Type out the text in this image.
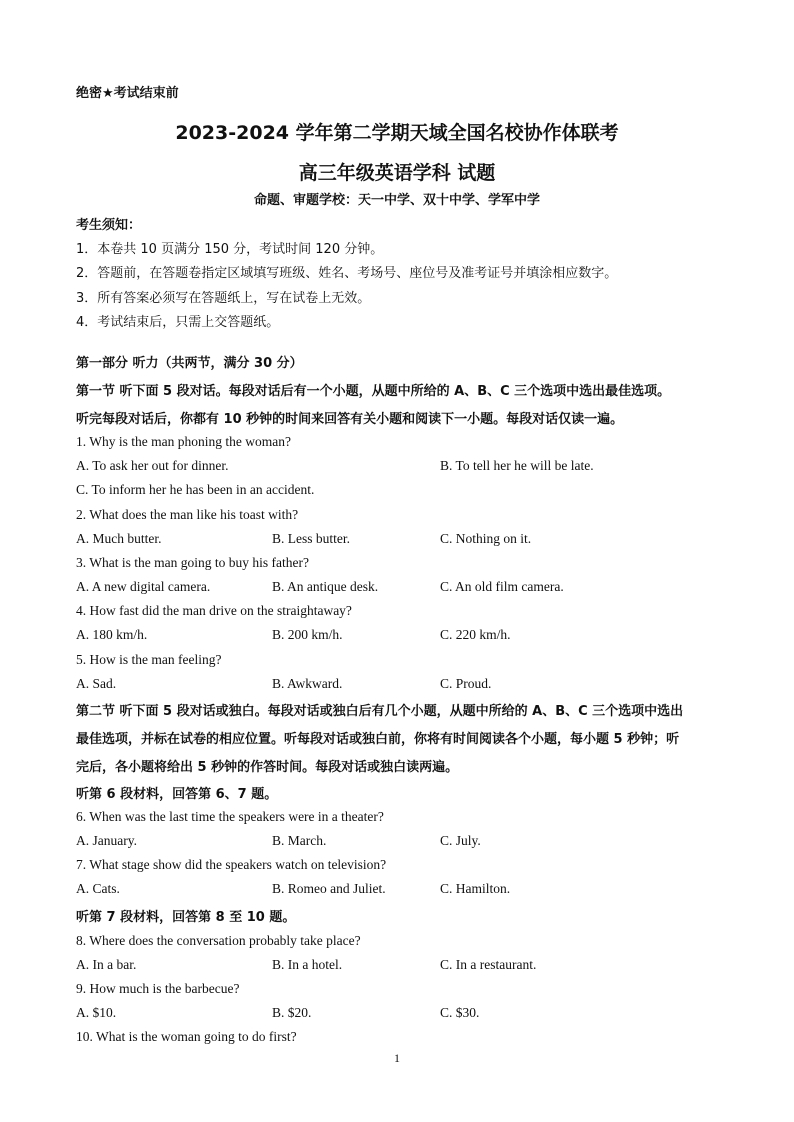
绝密★考试结束前
2023-2024 学年第二学期天域全国名校协作体联考
高三年级英语学科 试题
命题、审题学校：天一中学、双十中学、学军中学
考生须知：
1．本卷共 10 页满分 150 分，考试时间 120 分钟。
2．答题前，在答题卷指定区域填写班级、姓名、考场号、座位号及准考证号并填涂相应数字。
3．所有答案必须写在答题纸上，写在试卷上无效。
4．考试结束后，只需上交答题纸。
第一部分 听力（共两节，满分 30 分）
第一节 听下面 5 段对话。每段对话后有一个小题，从题中所给的 A、B、C 三个选项中选出最佳选项。
听完每段对话后，你都有 10 秒钟的时间来回答有关小题和阅读下一小题。每段对话仅读一遍。
1. Why is the man phoning the woman?
A. To ask her out for dinner.	B. To tell her he will be late.
C. To inform her he has been in an accident.
2. What does the man like his toast with?
A. Much butter.	B. Less butter.	C. Nothing on it.
3. What is the man going to buy his father?
A. A new digital camera.	B. An antique desk.	C. An old film camera.
4. How fast did the man drive on the straightaway?
A. 180 km/h.	B. 200 km/h.	C. 220 km/h.
5. How is the man feeling?
A. Sad.	B. Awkward.	C. Proud.
第二节 听下面 5 段对话或独白。每段对话或独白后有几个小题，从题中所给的 A、B、C 三个选项中选出
最佳选项，并标在试卷的相应位置。听每段对话或独白前，你将有时间阅读各个小题，每小题 5 秒钟；听
完后，各小题将给出 5 秒钟的作答时间。每段对话或独白读两遍。
听第 6 段材料，回答第 6、7 题。
6. When was the last time the speakers were in a theater?
A. January.	B. March.	C. July.
7. What stage show did the speakers watch on television?
A. Cats.	B. Romeo and Juliet.	C. Hamilton.
听第 7 段材料，回答第 8 至 10 题。
8. Where does the conversation probably take place?
A. In a bar.	B. In a hotel.	C. In a restaurant.
9. How much is the barbecue?
A. $10.	B. $20.	C. $30.
10. What is the woman going to do first?
1
